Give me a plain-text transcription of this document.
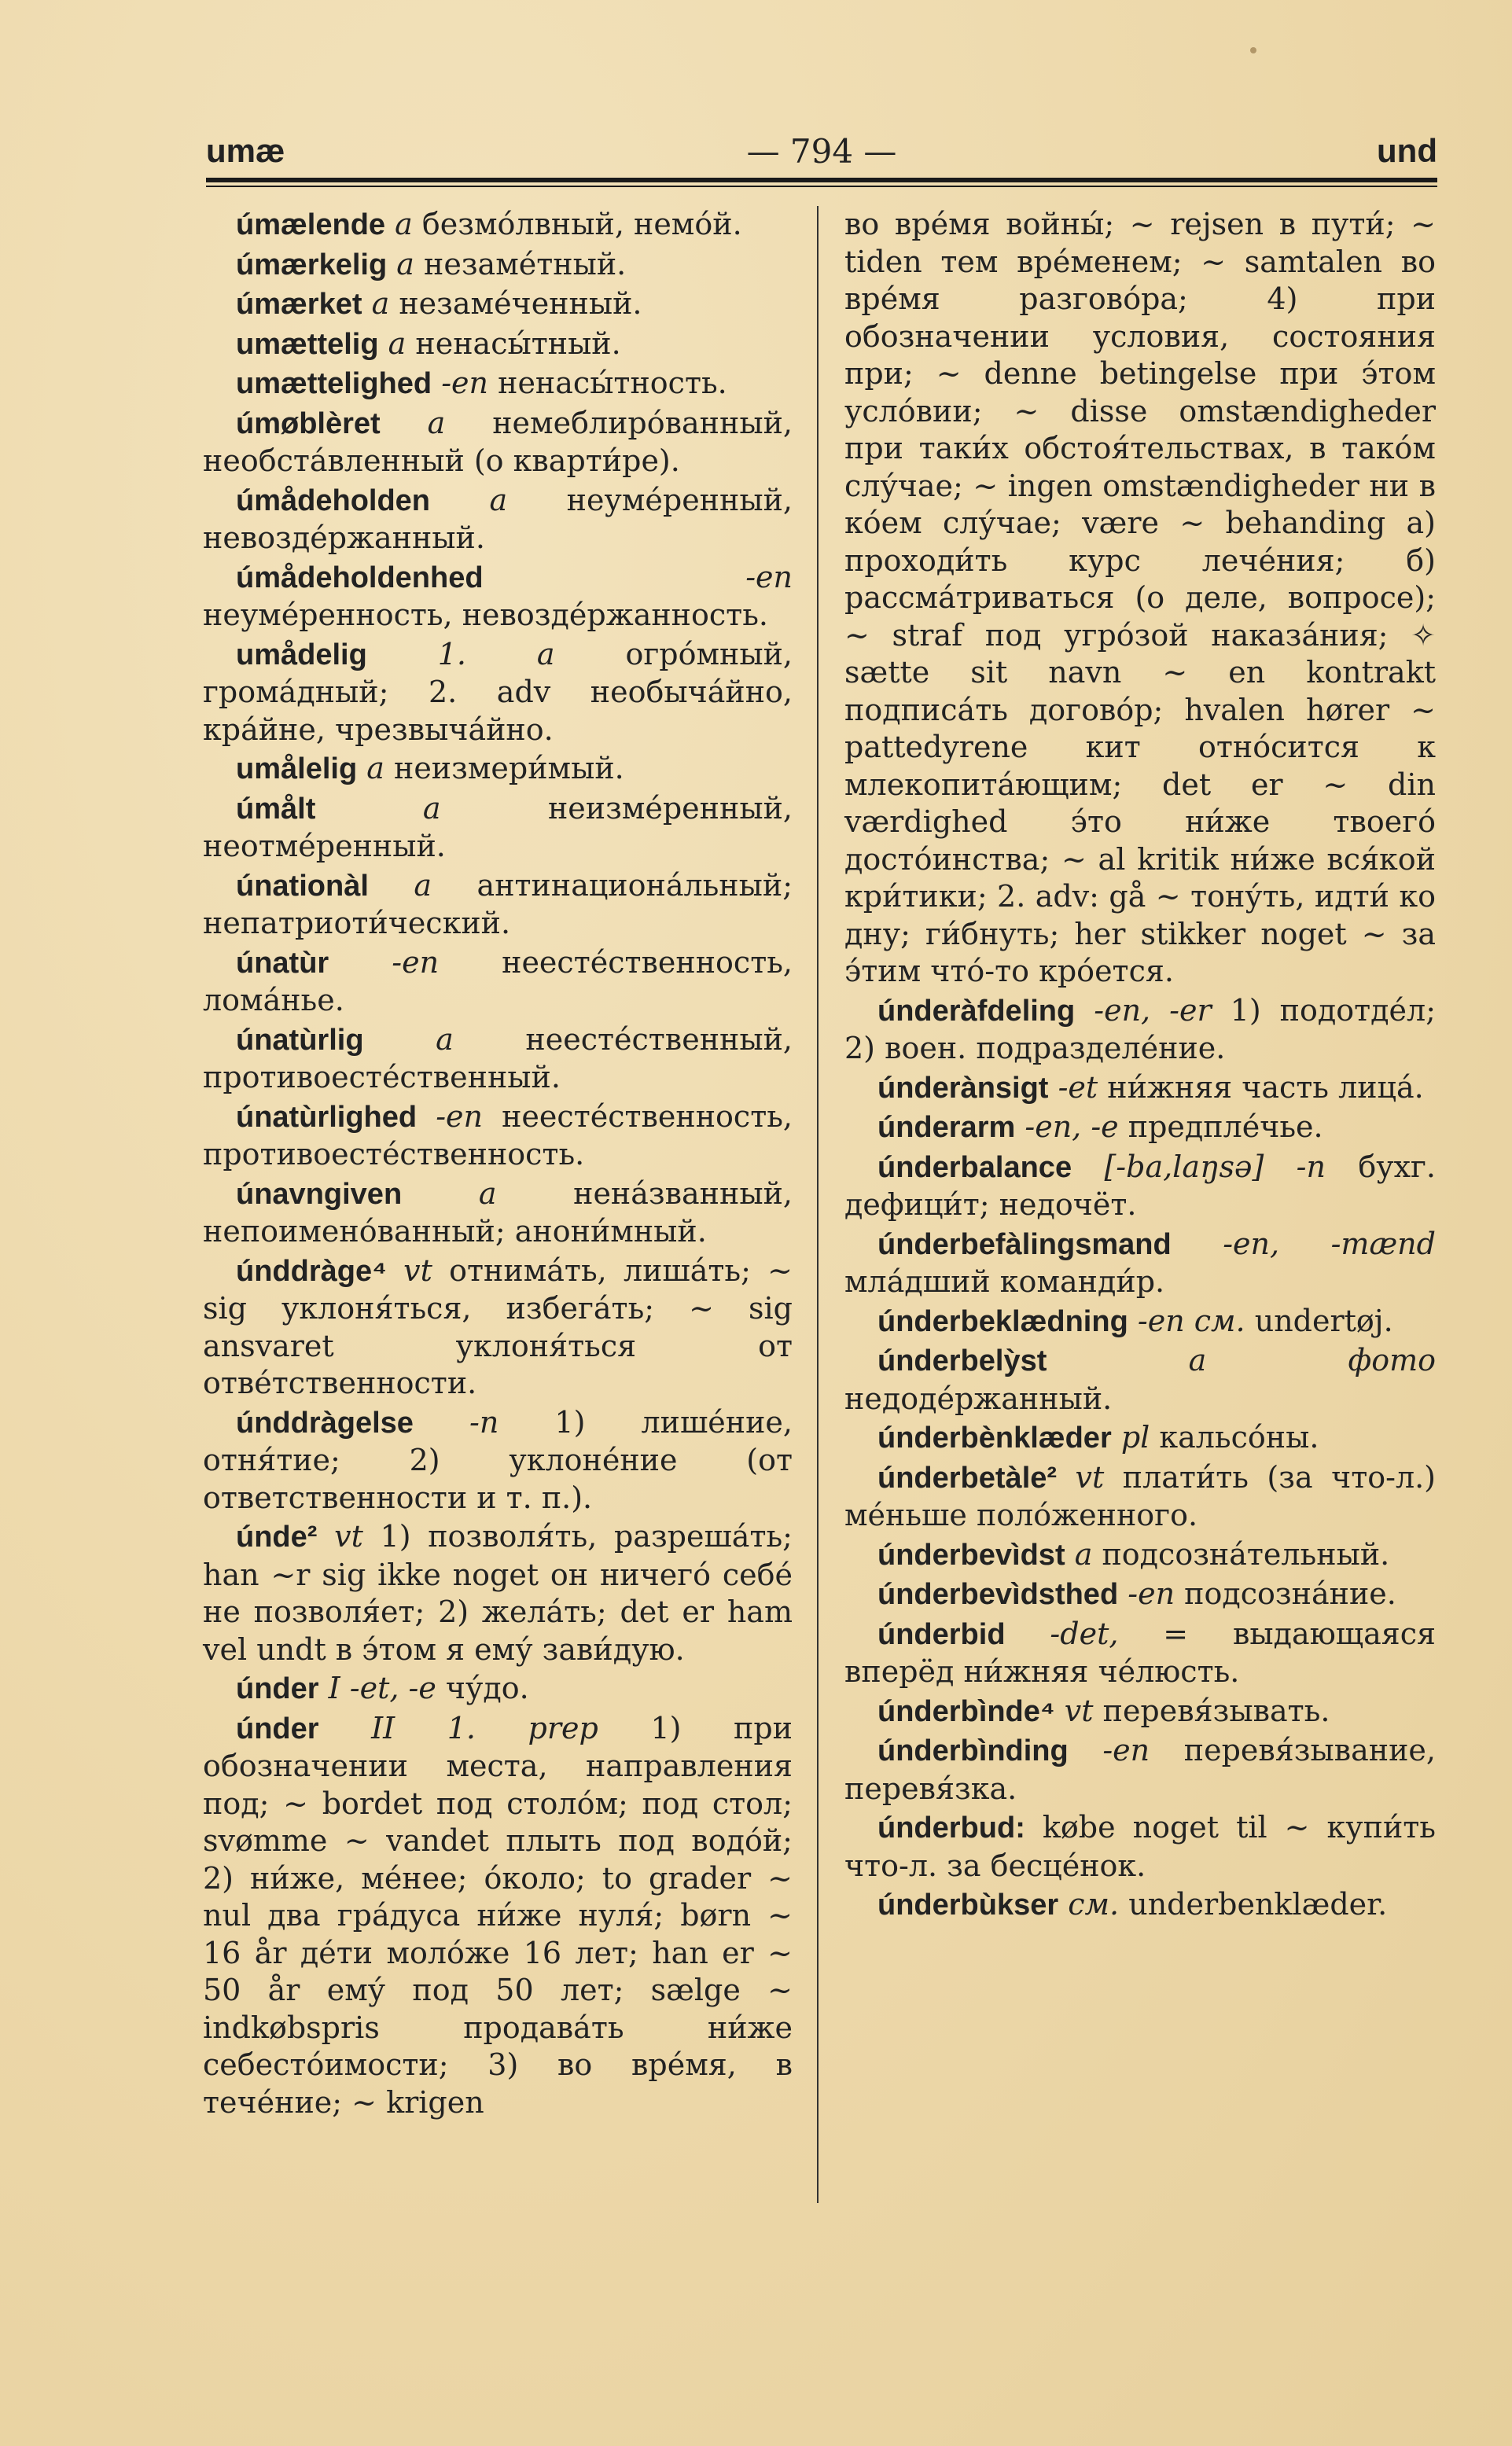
umæ	— 794 —	und

úmælende a безмо́лвный, немо́й.

úmærkelig a незаме́тный.

úmærket a незаме́ченный.

umættelig a ненасы́тный.

umættelighed -en ненасы́тность.

úmøblèret a немеблиро́ванный, необста́вленный (о кварти́ре).

úmådeholden a неуме́ренный, невозде́ржанный.

úmådeholdenhed	-en неуме́ренность, невозде́ржанность.

umådelig 1. a огро́мный, грома́дный; 2. adv необыча́йно, кра́йне, чрезвыча́йно.

umålelig a неизмери́мый.

úmålt	a неизме́ренный, неотме́ренный.

únationàl a антинациона́льный; непатриоти́ческий.

únatùr -en неесте́ственность, лома́нье.

únatùrlig a неесте́ственный, противоесте́ственный.

únatùrlighed -en неесте́ственность, противоесте́ственность.

únavngiven	a нена́званный, непоимено́ванный; анони́мный.

únddràge⁴ vt отнима́ть, лиша́ть; ~ sig уклоня́ться, избега́ть; ~ sig ansvaret уклоня́ться от отве́тственности.

únddràgelse -n 1) лише́ние, отня́тие; 2) уклоне́ние (от ответственности и т. п.).

únde² vt 1) позволя́ть, разреша́ть; han ~r sig ikke noget он ничего́ себе́ не позволя́ет; 2) жела́ть; det er ham vel undt в э́том я ему́ зави́дую.

únder I -et, -e чу́до.

únder II 1. prep 1) при обозначении места, направления под; ~ bordet под столо́м; под стол; svømme ~ vandet плыть под водо́й; 2) ни́же, ме́нее; о́коло; to grader ~ nul два гра́дуса ни́же нуля́; børn ~ 16 år де́ти моло́же 16 лет; han er ~ 50 år ему́ под 50 лет; sælge ~ indkøbspris продава́ть ни́же себесто́имости; 3) во вре́мя, в тече́ние; ~ krigen

во вре́мя войны́; ~ rejsen в пути́; ~ tiden тем вре́менем; ~ samtalen во вре́мя разгово́ра; 4) при обозначении условия, состояния при; ~ denne betingelse при э́том усло́вии; ~ disse omstændigheder при таки́х обстоя́тельствах, в тако́м слу́чае; ~ ingen omstændigheder ни в ко́ем слу́чае; være ~ behanding а) проходи́ть курс лече́ния; б) рассма́триваться (о деле, вопросе); ~ straf под угро́зой наказа́ния; ✧ sætte sit navn ~ en kontrakt подписа́ть догово́р; hvalen hører ~ pattedyrene кит отно́сится к млекопита́ющим; det er ~ din værdighed э́то ни́же твоего́ досто́инства; ~ al kritik ни́же вся́кой кри́тики; 2. adv: gå ~ тону́ть, идти́ ко дну; ги́бнуть; her stikker noget ~ за э́тим что́-то кро́ется.

únderàfdeling -en, -er 1) подотде́л; 2) воен. подразделе́ние.

únderànsigt -et ни́жняя часть лица́.

únderarm -en, -e предпле́чье.

únderbalance [-ba,laŋsə] -n бухг. дефици́т; недочёт.

únderbefàlingsmand -en, -mænd мла́дший команди́р.

únderbeklædning -en см. undertøj.

únderbelỳst	a фото недоде́ржанный.

únderbènklæder pl кальсо́ны.

únderbetàle² vt плати́ть (за что-л.) ме́ньше поло́женного.

únderbevìdst a подсозна́тельный.

únderbevìdsthed -en подсозна́ние.

únderbid -det, = выдающаяся вперёд ни́жняя че́люсть.

únderbìnde⁴ vt перевя́зывать.

únderbìnding -en перевя́зывание, перевя́зка.

únderbud: købe noget til ~ купи́ть что-л. за бесце́нок.

únderbùkser см. underbenklæder.
